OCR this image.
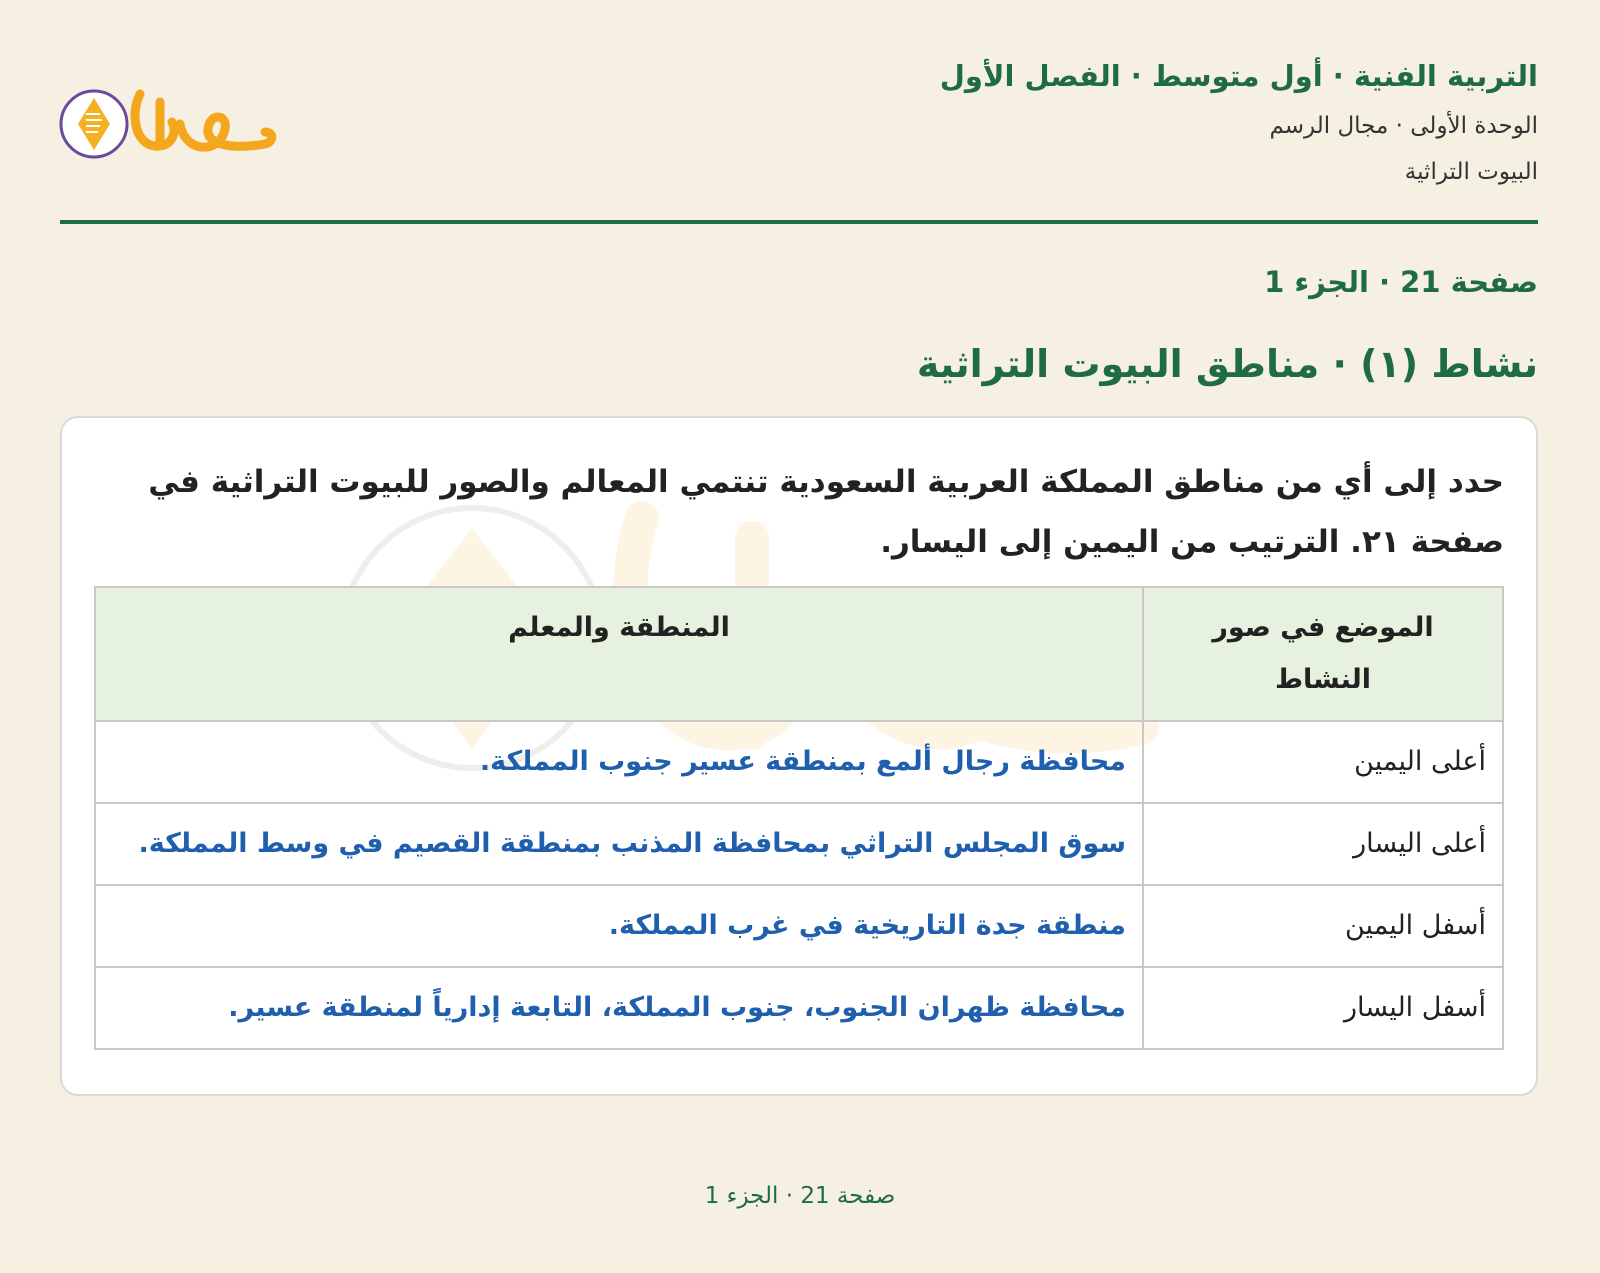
التربية الفنية · أول متوسط · الفصل الأول
الوحدة الأولى · مجال الرسم
البيوت التراثية
صفحة 21 · الجزء 1
نشاط (١) · مناطق البيوت التراثية
حدد إلى أي من مناطق المملكة العربية السعودية تنتمي المعالم والصور للبيوت التراثية في صفحة ٢١. الترتيب من اليمين إلى اليسار.
الموضع في صور النشاط	المنطقة والمعلم
أعلى اليمين	محافظة رجال ألمع بمنطقة عسير جنوب المملكة.
أعلى اليسار	سوق المجلس التراثي بمحافظة المذنب بمنطقة القصيم في وسط المملكة.
أسفل اليمين	منطقة جدة التاريخية في غرب المملكة.
أسفل اليسار	محافظة ظهران الجنوب، جنوب المملكة، التابعة إدارياً لمنطقة عسير.
صفحة 21 · الجزء 1
